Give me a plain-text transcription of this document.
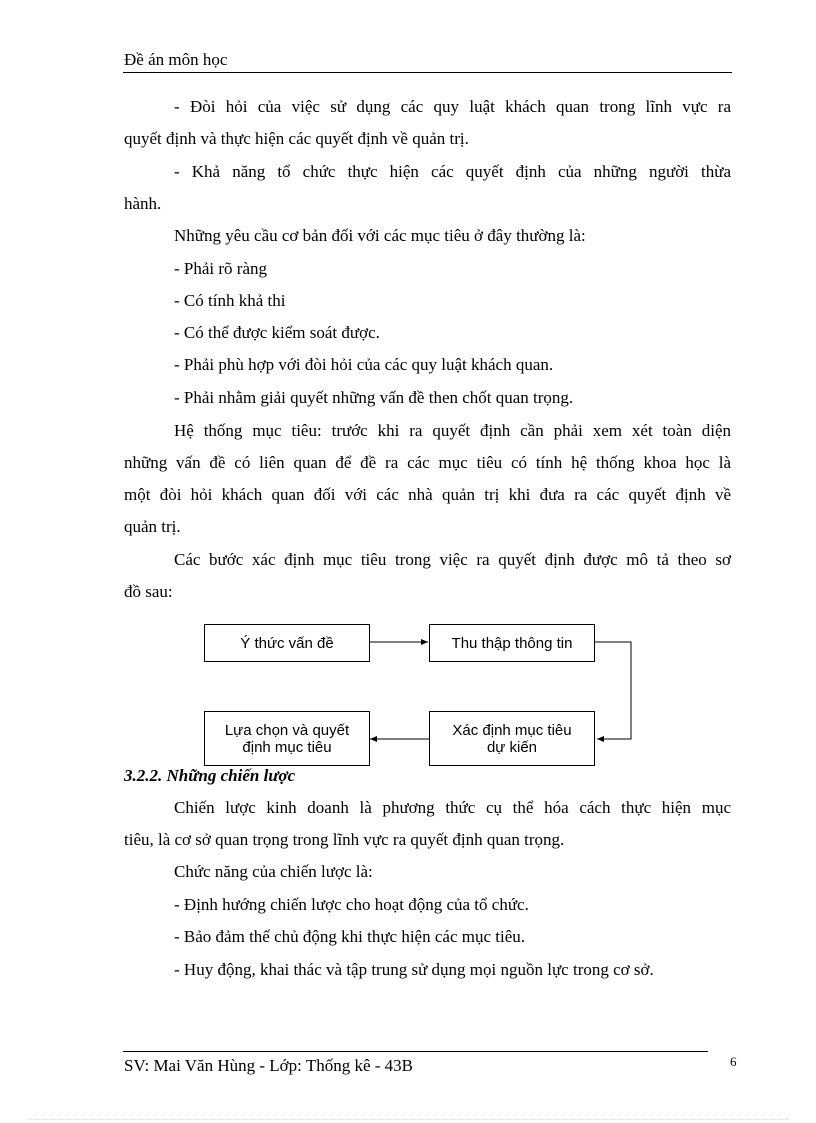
Đề án môn học
- Đòi hỏi của việc sử dụng các quy luật khách quan trong lĩnh vực ra
quyết định và thực hiện các quyết định về quản trị.
- Khả năng tổ chức thực hiện các quyết định của những người thừa
hành.
Những yêu cầu cơ bản đối với các mục tiêu ở đây thường là:
- Phải rõ ràng
- Có tính khả thi
- Có thể được kiểm soát được.
- Phải phù hợp với đòi hỏi của các quy luật khách quan.
- Phải nhằm giải quyết những vấn đề then chốt quan trọng.
Hệ thống mục tiêu: trước khi ra quyết định cần phải xem xét toàn diện
những vấn đề có liên quan để đề ra các mục tiêu có tính hệ thống khoa học là
một đòi hỏi khách quan đối với các nhà quản trị khi đưa ra các quyết định về
quản trị.
Các bước xác định mục tiêu trong việc ra quyết định được mô tả theo sơ
đồ sau:
Ý thức vấn đề	Thu thập thông tin
Xác định mục tiêu
dự kiến
Lựa chọn và quyết
định mục tiêu
3.2.2. Những chiến lược
Chiến lược kinh doanh là phương thức cụ thể hóa cách thực hiện mục
tiêu, là cơ sở quan trọng trong lĩnh vực ra quyết định quan trọng.
Chức năng của chiến lược là:
- Định hướng chiến lược cho hoạt động của tổ chức.
- Bảo đảm thế chủ động khi thực hiện các mục tiêu.
- Huy động, khai thác và tập trung sử dụng mọi nguồn lực trong cơ sở.
SV: Mai Văn Hùng - Lớp: Thống kê - 43B	6
